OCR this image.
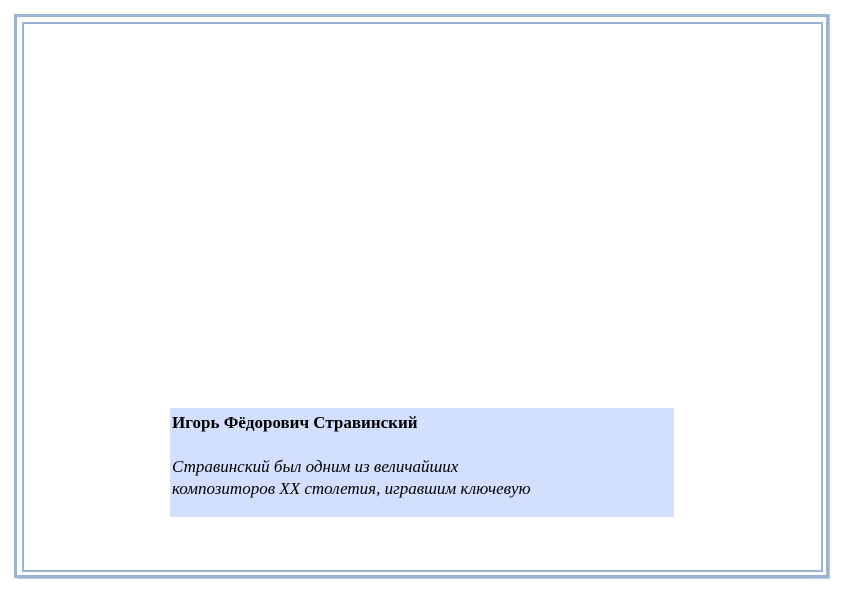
Игорь Фёдорович Стравинский

Стравинский был одним из величайших

композиторов XX столетия, игравшим ключевую
